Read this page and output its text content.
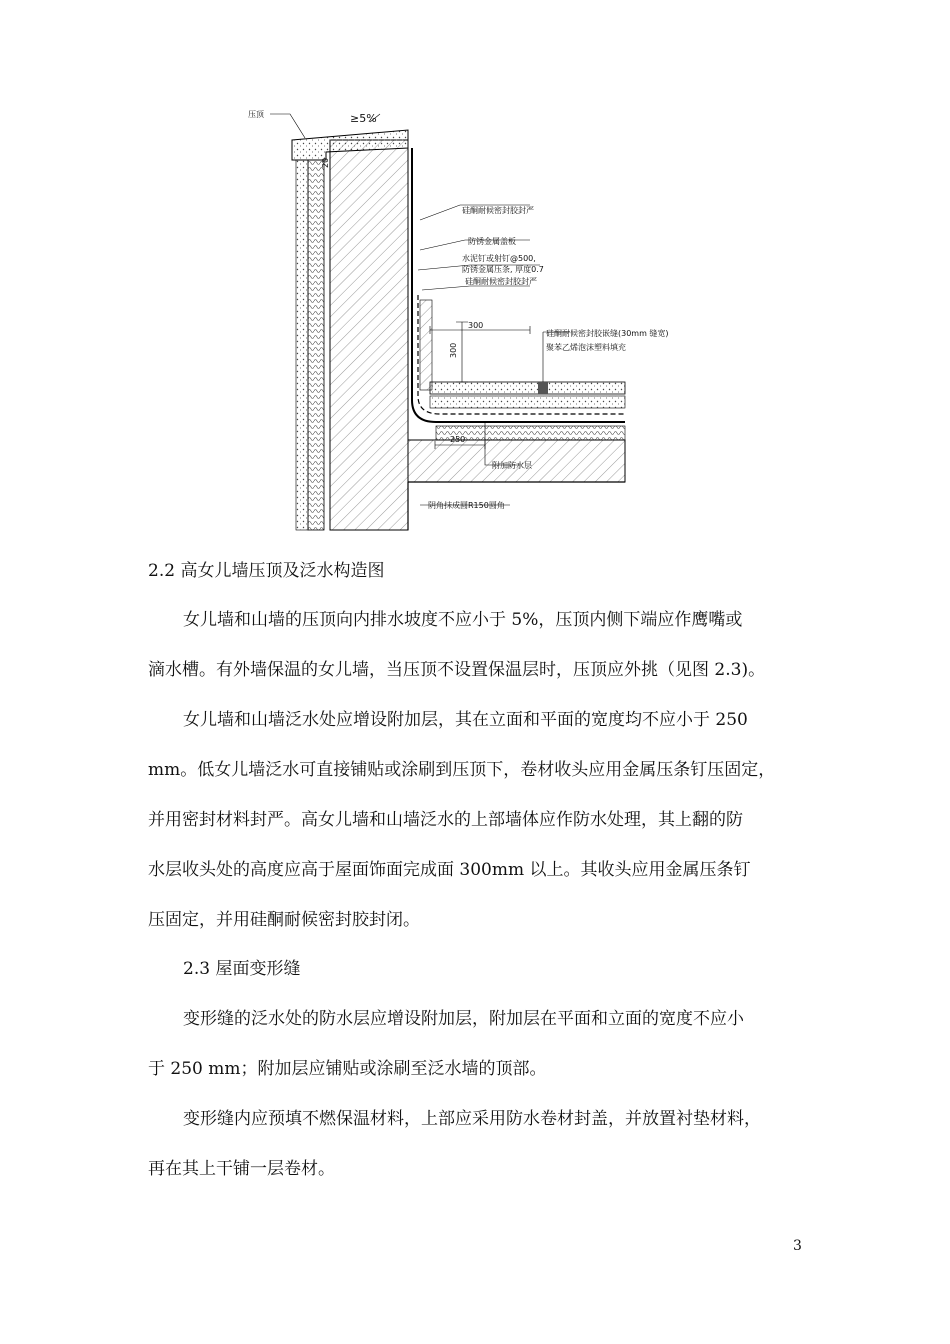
压顶	≥5%
20
硅酮耐候密封胶封严
防锈金属盖板
水泥钉或射钉@500,
防锈金属压条, 厚度0.7
硅酮耐候密封胶封严
300
300
硅酮耐候密封胶嵌缝(30mm 缝宽)
聚苯乙烯泡沫塑料填充
250
附加防水层
阴角抹成圆R150圆角
2.2 高女儿墙压顶及泛水构造图
女儿墙和山墙的压顶向内排水坡度不应小于 5%，压顶内侧下端应作鹰嘴或
滴水槽。有外墙保温的女儿墙，当压顶不设置保温层时，压顶应外挑（见图 2.3)。
女儿墙和山墙泛水处应增设附加层，其在立面和平面的宽度均不应小于 250
mm。低女儿墙泛水可直接铺贴或涂刷到压顶下，卷材收头应用金属压条钉压固定，
并用密封材料封严。高女儿墙和山墙泛水的上部墙体应作防水处理，其上翻的防
水层收头处的高度应高于屋面饰面完成面 300mm 以上。其收头应用金属压条钉
压固定，并用硅酮耐候密封胶封闭。
2.3 屋面变形缝
变形缝的泛水处的防水层应增设附加层，附加层在平面和立面的宽度不应小
于 250 mm；附加层应铺贴或涂刷至泛水墙的顶部。
变形缝内应预填不燃保温材料，上部应采用防水卷材封盖，并放置衬垫材料，
再在其上干铺一层卷材。
3
